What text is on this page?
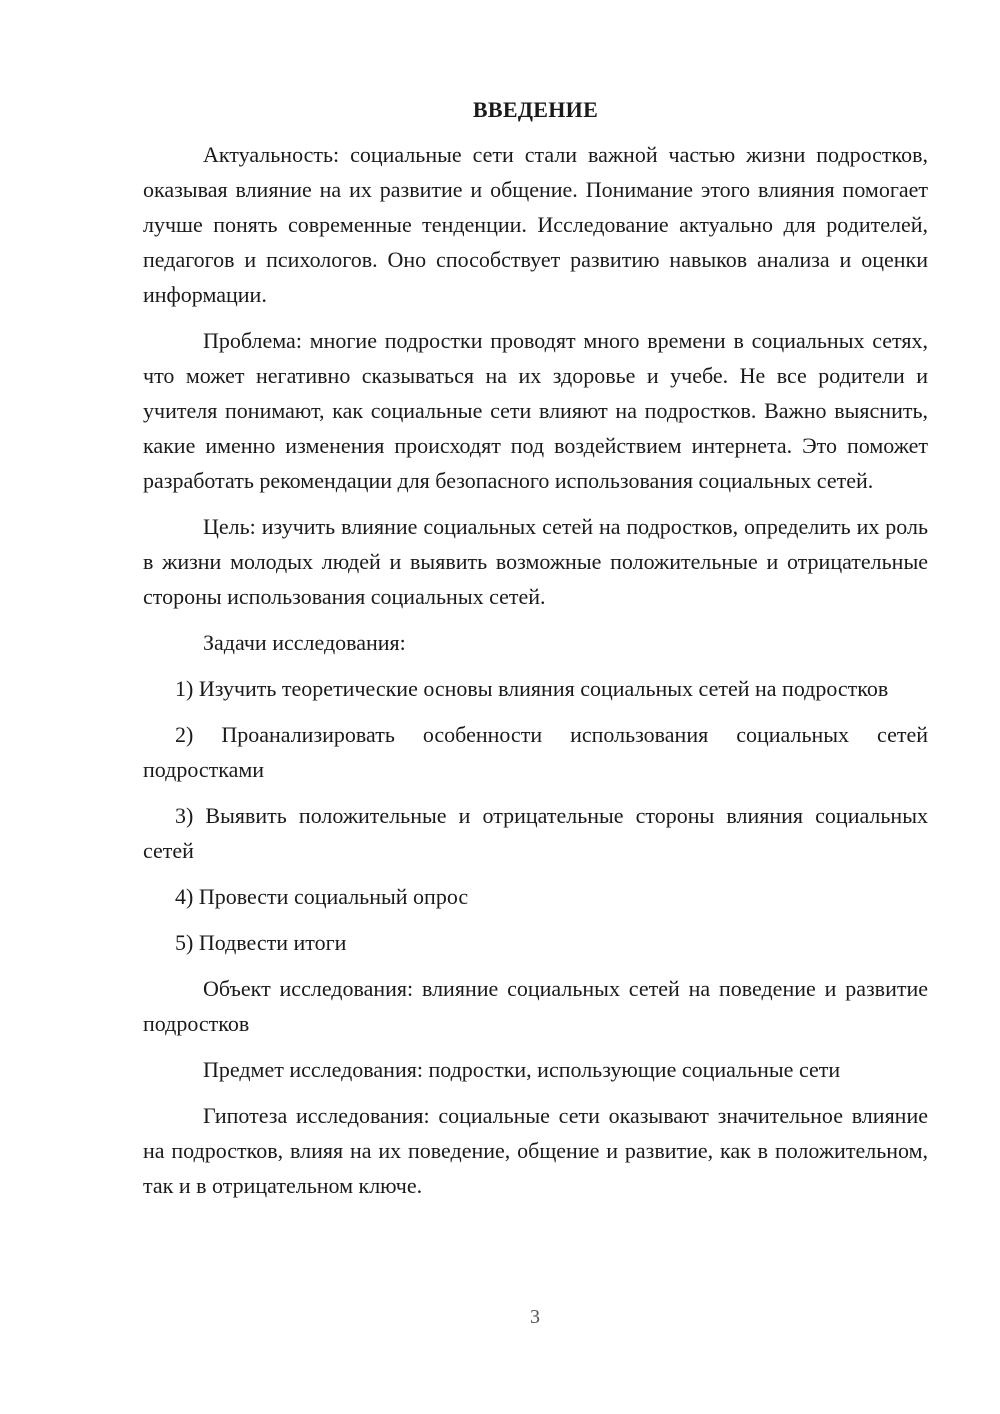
ВВЕДЕНИЕ

Актуальность: социальные сети стали важной частью жизни подростков, оказывая влияние на их развитие и общение. Понимание этого влияния помогает лучше понять современные тенденции. Исследование актуально для родителей, педагогов и психологов. Оно способствует развитию навыков анализа и оценки информации.

Проблема: многие подростки проводят много времени в социальных сетях, что может негативно сказываться на их здоровье и учебе. Не все родители и учителя понимают, как социальные сети влияют на подростков. Важно выяснить, какие именно изменения происходят под воздействием интернета. Это поможет разработать рекомендации для безопасного использования социальных сетей.

Цель: изучить влияние социальных сетей на подростков, определить их роль в жизни молодых людей и выявить возможные положительные и отрицательные стороны использования социальных сетей.

Задачи исследования:

1) Изучить теоретические основы влияния социальных сетей на подростков

2) Проанализировать особенности использования социальных сетей подростками

3) Выявить положительные и отрицательные стороны влияния социальных сетей

4) Провести социальный опрос

5) Подвести итоги

Объект исследования: влияние социальных сетей на поведение и развитие подростков

Предмет исследования: подростки, использующие социальные сети

Гипотеза исследования: социальные сети оказывают значительное влияние на подростков, влияя на их поведение, общение и развитие, как в положительном, так и в отрицательном ключе.

3
